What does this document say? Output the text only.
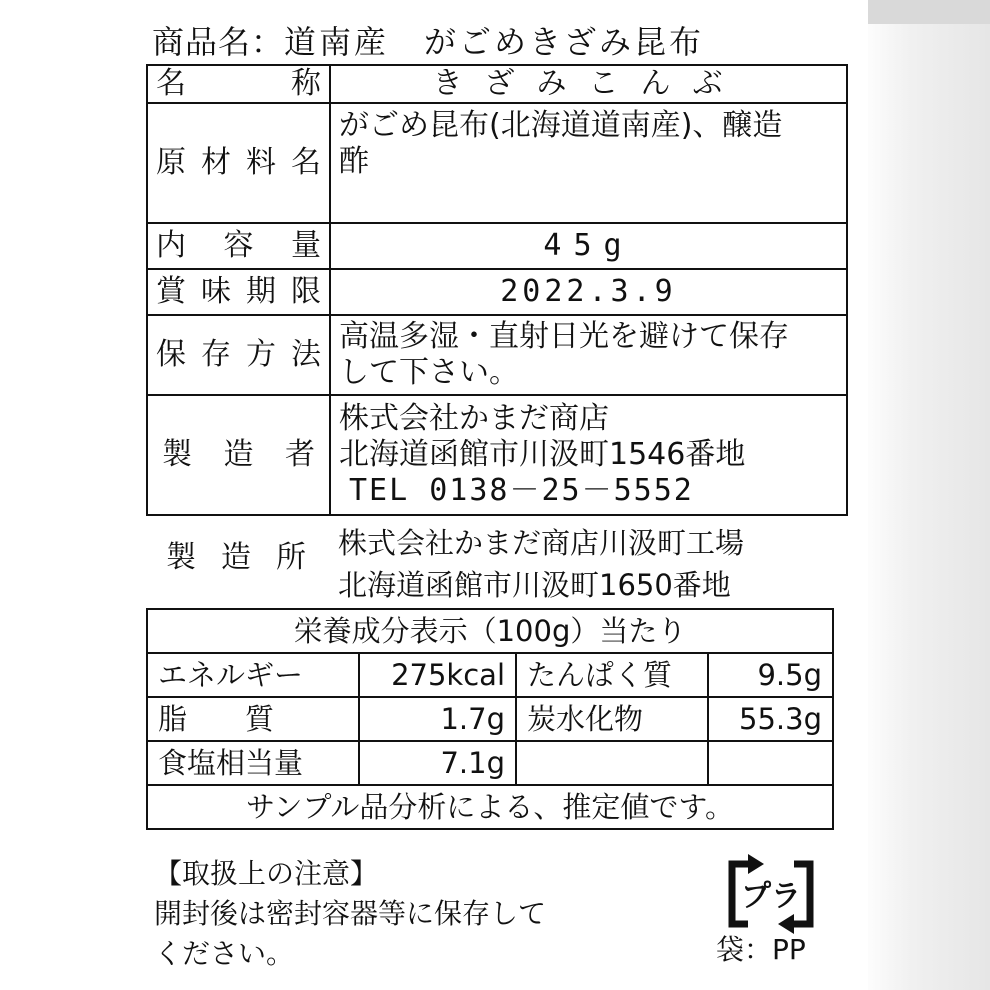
商品名：道南産　がごめきざみ昆布
名　称	きざみこんぶ

原材料名	がごめ昆布(北海道道南産)、醸造
酢

内容量	45g

賞味期限	2022.3.9

保存方法	高温多湿・直射日光を避けて保存
して下さい。

製造者	株式会社かまだ商店
北海道函館市川汲町1546番地
TEL 0138－25－5552
製造所 株式会社かまだ商店川汲町工場
北海道函館市川汲町1650番地
栄養成分表示（100g）当たり			
エネルギー	275kcal	たんぱく質	9.5g
脂　　質	1.7g	炭水化物	55.3g
食塩相当量	7.1g		
サンプル品分析による、推定値です。			
【取扱上の注意】
開封後は密封容器等に保存して
ください。
プラ
袋：PP
